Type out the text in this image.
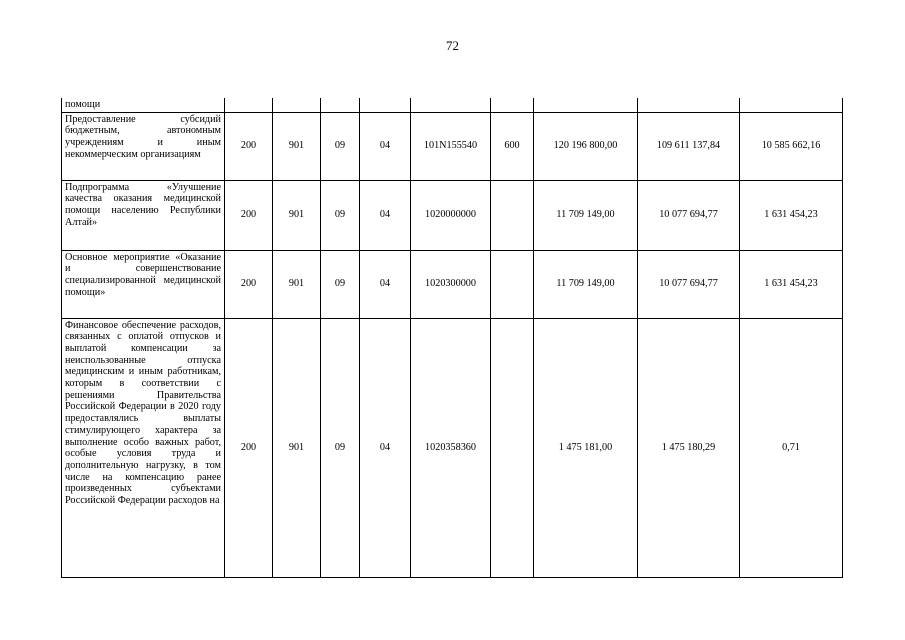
72
помощи									
Предоставление субсидий бюджетным, автономным учреждениям и иным некоммерческим организациям	200	901	09	04	101N155540	600	120 196 800,00	109 611 137,84	10 585 662,16
Подпрограмма «Улучшение качества оказания медицинской помощи населению Республики Алтай»	200	901	09	04	1020000000		11 709 149,00	10 077 694,77	1 631 454,23
Основное мероприятие «Оказание и совершенствование специализированной медицинской помощи»	200	901	09	04	1020300000		11 709 149,00	10 077 694,77	1 631 454,23
Финансовое обеспечение расходов, связанных с оплатой отпусков и выплатой компенсации за неиспользованные отпуска медицинским и иным работникам, которым в соответствии с решениями Правительства Российской Федерации в 2020 году предоставлялись выплаты стимулирующего характера за выполнение особо важных работ, особые условия труда и дополнительную нагрузку, в том числе на компенсацию ранее произведенных субъектами Российской Федерации расходов на	200	901	09	04	1020358360		1 475 181,00	1 475 180,29	0,71
